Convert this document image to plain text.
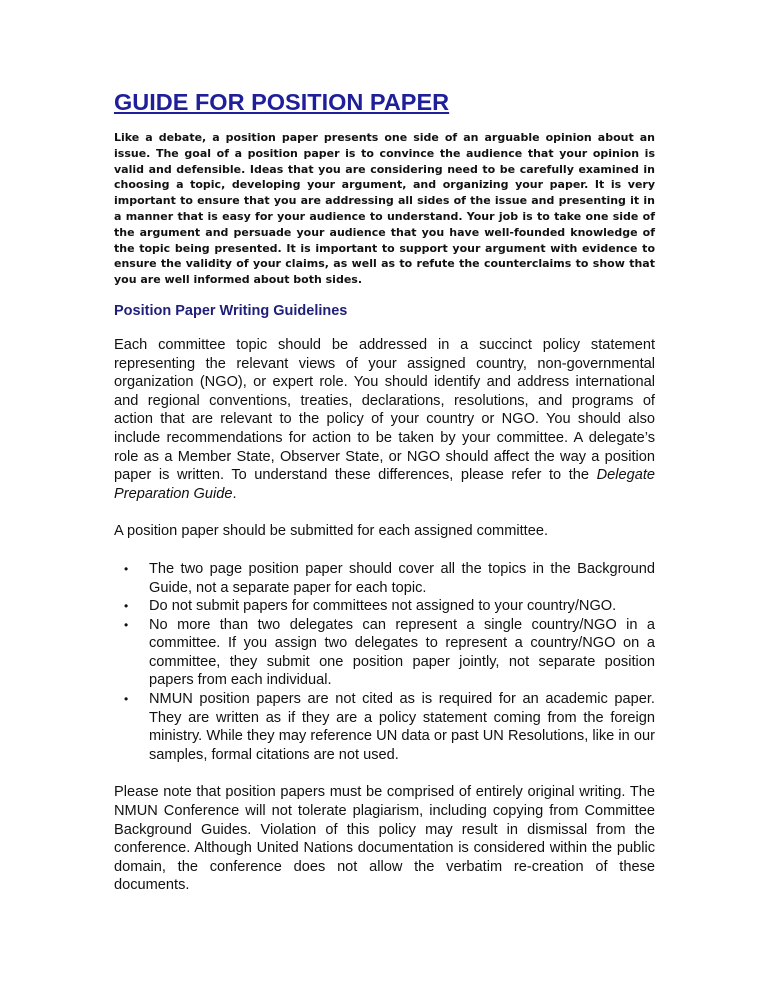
GUIDE FOR POSITION PAPER

Like a debate, a position paper presents one side of an arguable opinion about an issue. The goal of a position paper is to convince the audience that your opinion is valid and defensible. Ideas that you are considering need to be carefully examined in choosing a topic, developing your argument, and organizing your paper. It is very important to ensure that you are addressing all sides of the issue and presenting it in a manner that is easy for your audience to understand. Your job is to take one side of the argument and persuade your audience that you have well-founded knowledge of the topic being presented. It is important to support your argument with evidence to ensure the validity of your claims, as well as to refute the counterclaims to show that you are well informed about both sides.

Position Paper Writing Guidelines

Each committee topic should be addressed in a succinct policy statement representing the relevant views of your assigned country, non-governmental organization (NGO), or expert role. You should identify and address international and regional conventions, treaties, declarations, resolutions, and programs of action that are relevant to the policy of your country or NGO. You should also include recommendations for action to be taken by your committee. A delegate’s role as a Member State, Observer State, or NGO should affect the way a position paper is written. To understand these differences, please refer to the Delegate Preparation Guide.

A position paper should be submitted for each assigned committee.

• The two page position paper should cover all the topics in the Background Guide, not a separate paper for each topic.
• Do not submit papers for committees not assigned to your country/NGO.
• No more than two delegates can represent a single country/NGO in a committee. If you assign two delegates to represent a country/NGO on a committee, they submit one position paper jointly, not separate position papers from each individual.
• NMUN position papers are not cited as is required for an academic paper. They are written as if they are a policy statement coming from the foreign ministry. While they may reference UN data or past UN Resolutions, like in our samples, formal citations are not used.

Please note that position papers must be comprised of entirely original writing. The NMUN Conference will not tolerate plagiarism, including copying from Committee Background Guides. Violation of this policy may result in dismissal from the conference. Although United Nations documentation is considered within the public domain, the conference does not allow the verbatim re-creation of these documents.
